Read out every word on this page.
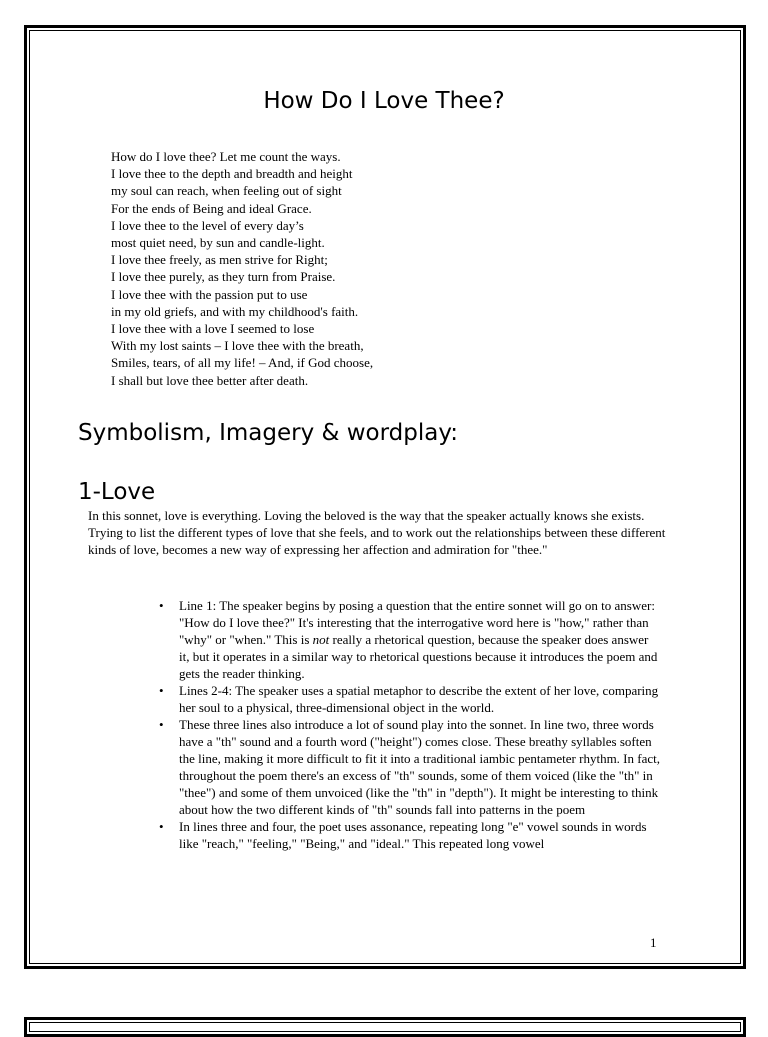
How Do I Love Thee?
How do I love thee? Let me count the ways.
I love thee to the depth and breadth and height
my soul can reach, when feeling out of sight
For the ends of Being and ideal Grace.
I love thee to the level of every day’s
most quiet need, by sun and candle-light.
I love thee freely, as men strive for Right;
I love thee purely, as they turn from Praise.
I love thee with the passion put to use
in my old griefs, and with my childhood's faith.
I love thee with a love I seemed to lose
With my lost saints – I love thee with the breath,
Smiles, tears, of all my life! – And, if God choose,
I shall but love thee better after death.
Symbolism, Imagery & wordplay:
1-Love
In this sonnet, love is everything. Loving the beloved is the way that the speaker actually knows she exists. Trying to list the different types of love that she feels, and to work out the relationships between these different kinds of love, becomes a new way of expressing her affection and admiration for "thee."
• Line 1: The speaker begins by posing a question that the entire sonnet will go on to answer: "How do I love thee?" It's interesting that the interrogative word here is "how," rather than "why" or "when." This is not really a rhetorical question, because the speaker does answer it, but it operates in a similar way to rhetorical questions because it introduces the poem and gets the reader thinking.
• Lines 2-4: The speaker uses a spatial metaphor to describe the extent of her love, comparing her soul to a physical, three-dimensional object in the world.
• These three lines also introduce a lot of sound play into the sonnet. In line two, three words have a "th" sound and a fourth word ("height") comes close. These breathy syllables soften the line, making it more difficult to fit it into a traditional iambic pentameter rhythm. In fact, throughout the poem there's an excess of "th" sounds, some of them voiced (like the "th" in "thee") and some of them unvoiced (like the "th" in "depth"). It might be interesting to think about how the two different kinds of "th" sounds fall into patterns in the poem
• In lines three and four, the poet uses assonance, repeating long "e" vowel sounds in words like "reach," "feeling," "Being," and "ideal." This repeated long vowel
1
